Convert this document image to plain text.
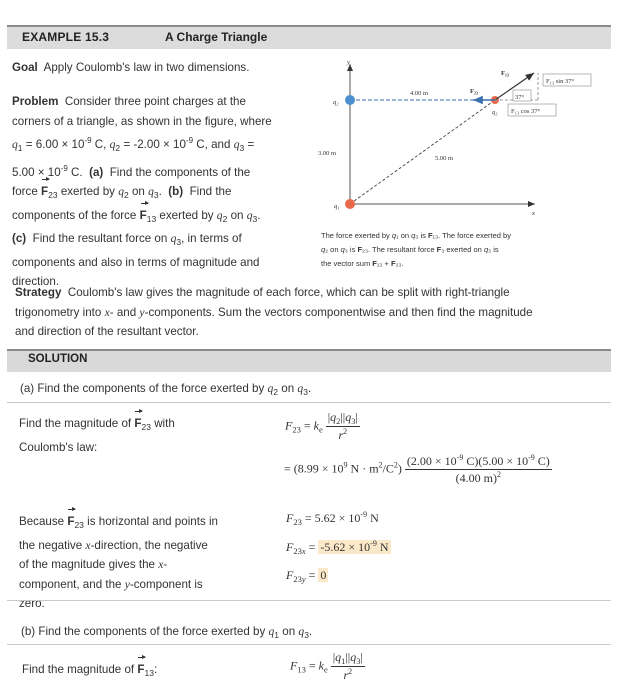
EXAMPLE 15.3	A Charge Triangle
Goal Apply Coulomb's law in two dimensions.
Problem Consider three point charges at the
corners of a triangle, as shown in the figure, where
$q_1 = 6.00 \times 10^{-9}$ C, $q_2 = -2.00 \times 10^{-9}$ C, and $q_3$ =
$5.00 \times 10^{-9}$ C.  (a) Find the components of the
force $F_{23}$ exerted by $q_2$ on $q_3$.  (b) Find the
components of the force $F_{13}$ exerted by $q_2$ on $q_3$.
(c) Find the resultant force on $q_3$, in terms of
components and also in terms of magnitude and
direction.
y
x
4.00 m
3.00 m
5.00 m
q₂
q₁
q₃
F₂₃
F₁₃
37°
F₁₃ sin 37°
F₁₃ cos 37°
The force exerted by q₁ on q₃ is F₁₃. The force exerted by
q₂ on q₃ is F₂₃. The resultant force F₃ exerted on q₃ is
the vector sum F₁₃ + F₂₃.
Strategy Coulomb's law gives the magnitude of each force, which can be split with right-triangle
trigonometry into x- and y-components. Sum the vectors componentwise and then find the magnitude
and direction of the resultant vector.
SOLUTION
(a) Find the components of the force exerted by $q_2$ on $q_3$.
Find the magnitude of $F_{23}$ with
Coulomb's law:
$F_{23} = k_e \frac{|q_2||q_3|}{r^2}$
= ($8.99 \times 10^9$ $N \cdot m^2/C^2) \frac{(2.00 \times 10^{-9} C)(5.00 \times 10^{-9} C)}{(4.00 m)^2}$
Because $F_{23}$ is horizontal and points in
the negative x-direction, the negative
of the magnitude gives the x-
component, and the y-component is
zero.
$F_{23} = 5.62 \times 10^{-9}$ N
$F_{23x} = -5.62 \times 10^{-9}$ N
$F_{23y} = 0$
(b) Find the components of the force exerted by $q_1$ on $q_3$.
Find the magnitude of $F_{13}$:	$F_{13} = k_e \frac{|q_1||q_3|}{r^2}$
